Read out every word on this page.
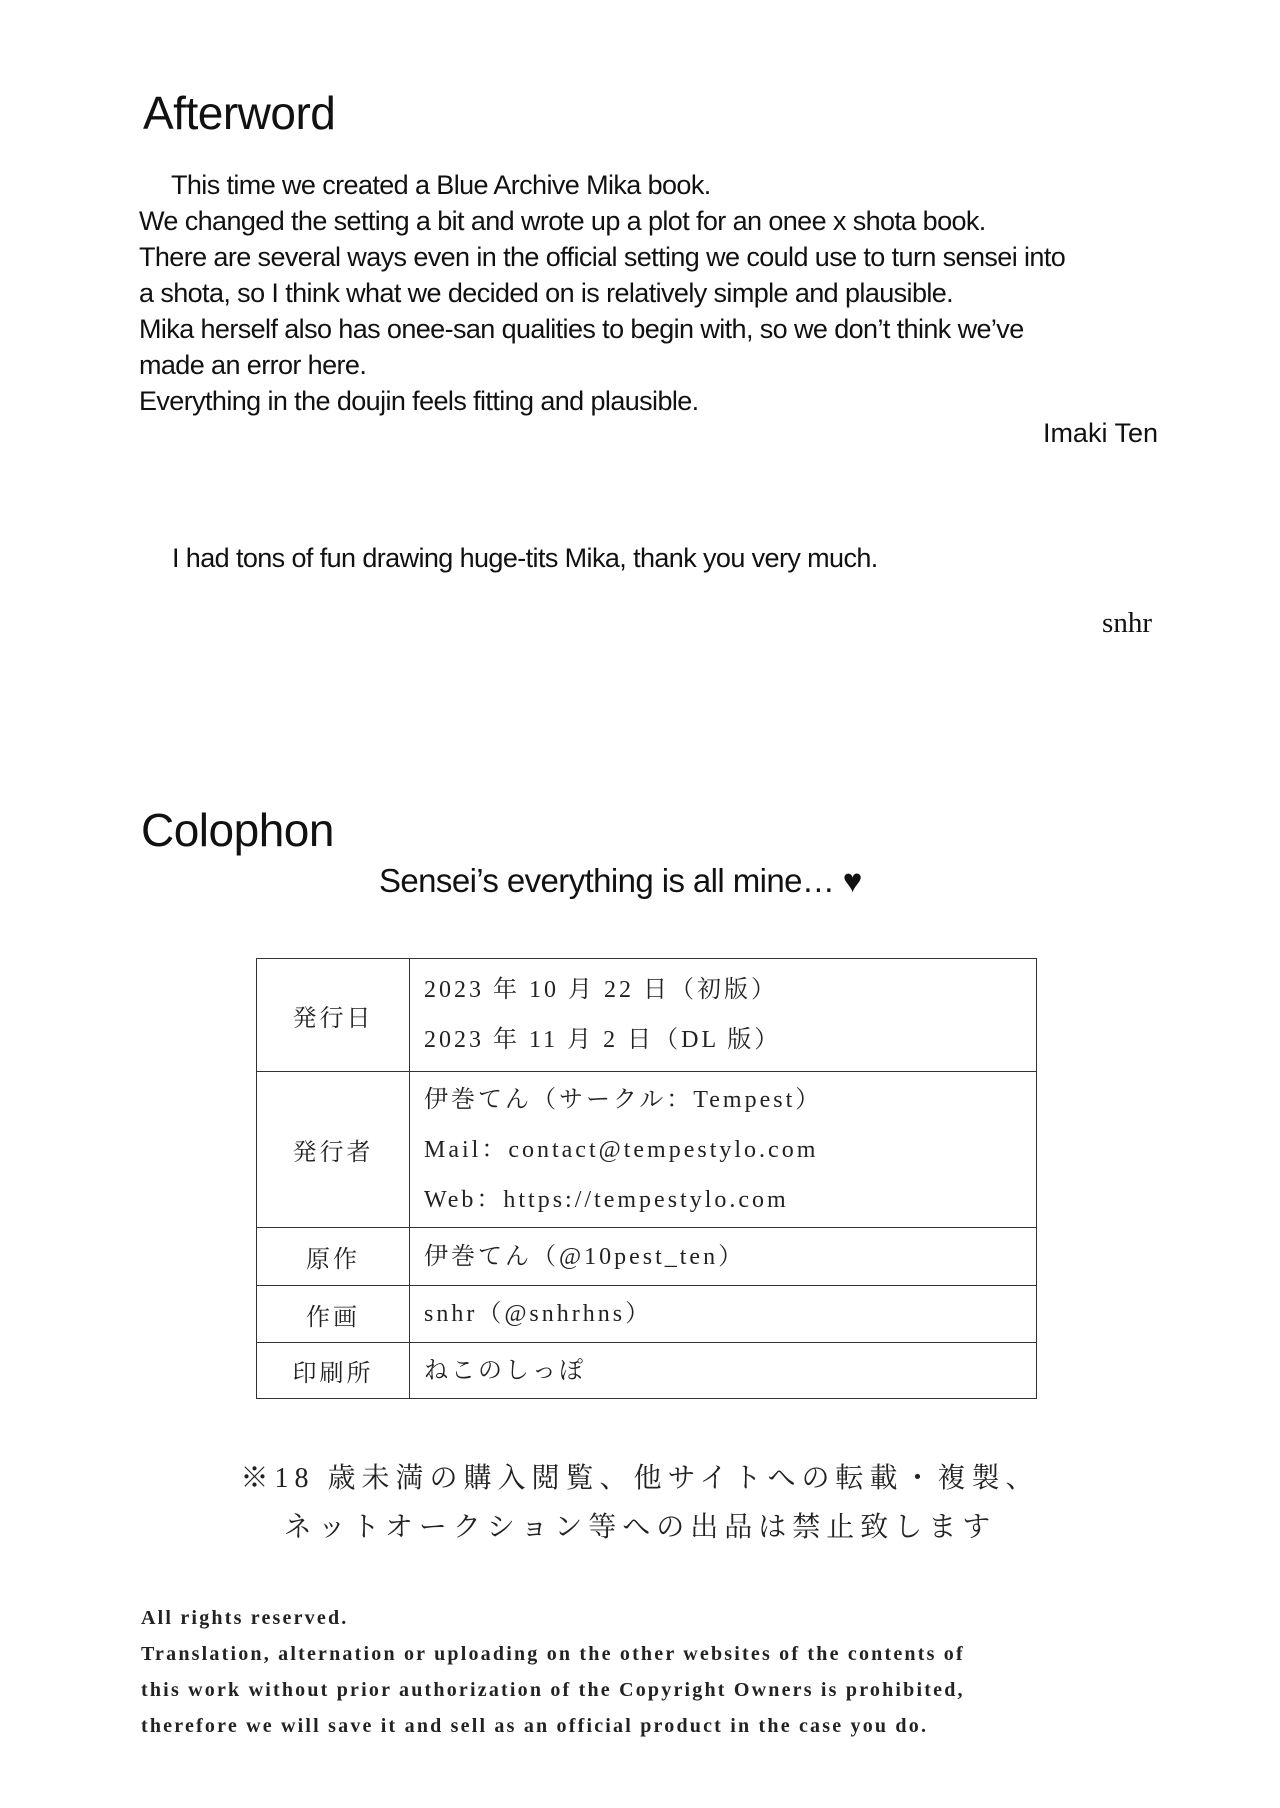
Afterword
This time we created a Blue Archive Mika book.
We changed the setting a bit and wrote up a plot for an onee x shota book.
There are several ways even in the official setting we could use to turn sensei into
a shota, so I think what we decided on is relatively simple and plausible.
Mika herself also has onee-san qualities to begin with, so we don’t think we’ve
made an error here.
Everything in the doujin feels fitting and plausible.
Imaki Ten
I had tons of fun drawing huge-tits Mika, thank you very much.
snhr
Colophon
Sensei’s everything is all mine… ♥
発行日	2023 年 10 月 22 日（初版）
2023 年 11 月 2 日（DL 版）

発行者	伊巻てん（サークル：Tempest）
Mail：contact@tempestylo.com
Web：https://tempestylo.com

原作	伊巻てん（@10pest_ten）

作画	snhr（@snhrhns）

印刷所	ねこのしっぽ
※18 歳未満の購入閲覧、他サイトへの転載・複製、
ネットオークション等への出品は禁止致します
All rights reserved.
Translation, alternation or uploading on the other websites of the contents of
this work without prior authorization of the Copyright Owners is prohibited,
therefore we will save it and sell as an official product in the case you do.
